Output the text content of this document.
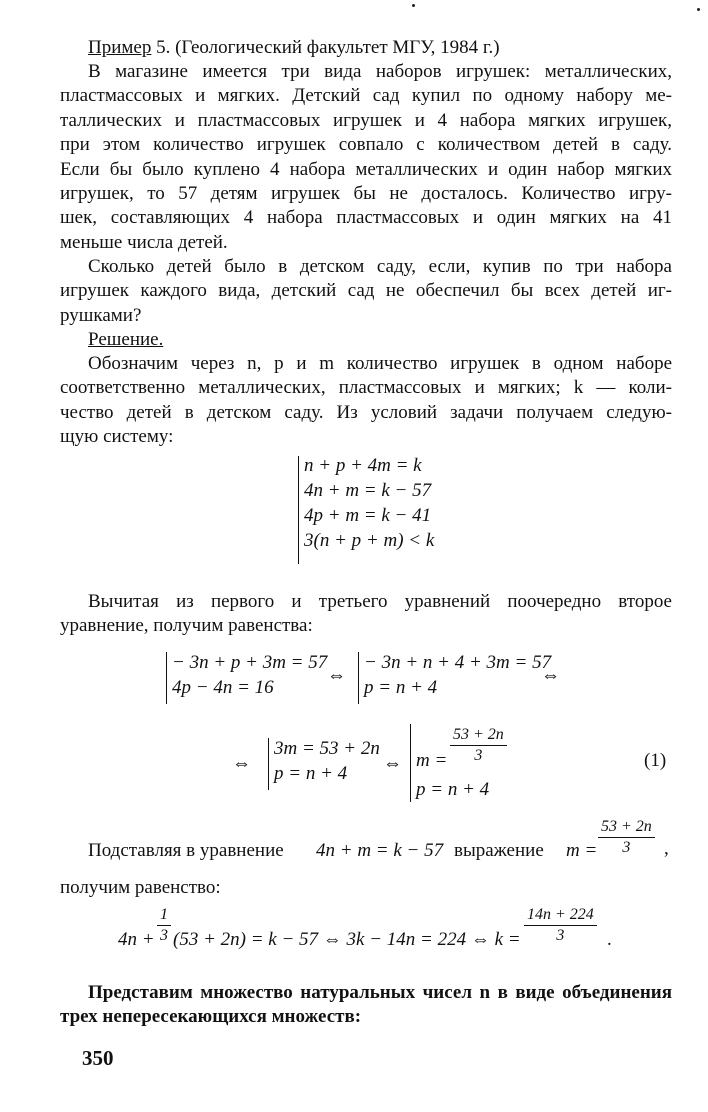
Пример 5. (Геологический факультет МГУ, 1984 г.)
В магазине имеется три вида наборов игрушек: металлических,
пластмассовых и мягких. Детский сад купил по одному набору ме-
таллических и пластмассовых игрушек и 4 набора мягких игрушек,
при этом количество игрушек совпало с количеством детей в саду.
Если бы было куплено 4 набора металлических и один набор мягких
игрушек, то 57 детям игрушек бы не досталось. Количество игру-
шек, составляющих 4 набора пластмассовых и один мягких на 41
меньше числа детей.
Сколько детей было в детском саду, если, купив по три набора
игрушек каждого вида, детский сад не обеспечил бы всех детей иг-
рушками?
Решение.
Обозначим через n, p и m количество игрушек в одном наборе
соответственно металлических, пластмассовых и мягких; k — коли-
чество детей в детском саду. Из условий задачи получаем следую-
щую систему:
n + p + 4m = k
4n + m = k − 57
4p + m = k − 41
3(n + p + m) < k
Вычитая из первого и третьего уравнений поочередно второе
уравнение, получим равенства:
− 3n + p + 3m = 57
4p − 4n = 16
⇔
− 3n + n + 4 + 3m = 57
p = n + 4
⇔
⇔
3m = 53 + 2n
p = n + 4	⇔ $m = \frac{53 + 2n}{3}$
p = n + 4
(1)
Подставляя в уравнение 4n + m = k − 57 выражение $m = \frac{53 + 2n}{3}$ ,
получим равенство:
$4n + \frac{1}{3} (53 + 2n) = k - 57$ ⇔ 3k − 14n = 224 ⇔ $k = \frac{14n + 224}{3}$ .
Представим множество натуральных чисел n в виде объединения
трех непересекающихся множеств:
350
